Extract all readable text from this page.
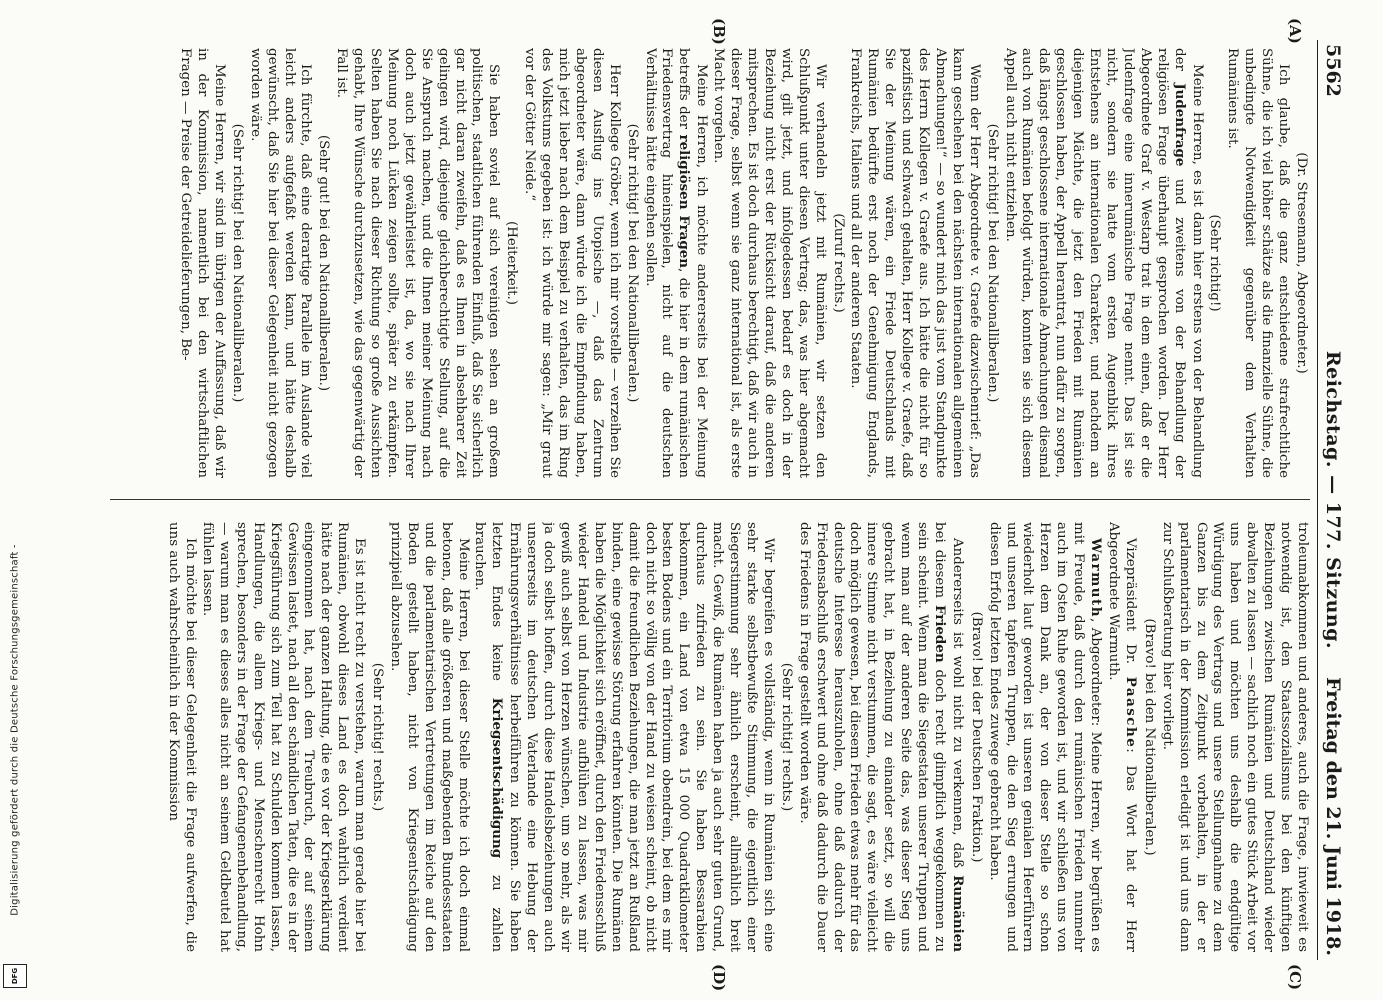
5562
Reichstag. — 177. Sitzung.
Freitag den 21. Juni 1918.
(A)
(B)
(C)
(D)

(Dr. Stresemann, Abgeordneter.)

Ich glaube, daß die ganz entschiedene strafrechtliche Sühne, die ich viel höher schätze als die finanzielle Sühne, die unbedingte Notwendigkeit gegenüber dem Verhalten Rumäniens ist.

(Sehr richtig!)

Meine Herren, es ist dann hier erstens von der Behandlung der Judenfrage und zweitens von der Behandlung der religiösen Frage überhaupt gesprochen worden. Der Herr Abgeordnete Graf v. Westarp trat in dem einen, daß er die Judenfrage eine innerumänische Frage nennt. Das ist sie nicht, sondern sie hatte vom ersten Augenblick ihres Entstehens an internationalen Charakter, und nachdem an diejenigen Mächte, die jetzt den Frieden mit Rumänien geschlossen haben, der Appell herantrat, nun dafür zu sorgen, daß längst geschlossene internationale Abmachungen diesmal auch von Rumänien befolgt würden, konnten sie sich diesem Appell auch nicht entziehen.

(Sehr richtig! bei den Nationalliberalen.)

Wenn der Herr Abgeordnete v. Graefe dazwischenrief: „Das kann geschehen bei den nächsten internationalen allgemeinen Abmachungen!“ — so wundert mich das just vom Standpunkte des Herrn Kollegen v. Graefe aus. Ich hätte die nicht für so pazifistisch und schwach gehalten, Herr Kollege v. Graefe, daß Sie der Meinung wären, ein Friede Deutschlands mit Rumänien bedürfte erst noch der Genehmigung Englands, Frankreichs, Italiens und all der anderen Staaten.

(Zuruf rechts.)

Wir verhandeln jetzt mit Rumänien, wir setzen den Schlußpunkt unter diesen Vertrag; das, was hier abgemacht wird, gilt jetzt, und infolgedessen bedarf es doch in der Beziehung nicht erst der Rücksicht darauf, daß die anderen mitsprechen. Es ist doch durchaus berechtigt, daß wir auch in dieser Frage, selbst wenn sie ganz international ist, als erste Macht vorgehen.

Meine Herren, ich möchte andererseits bei der Meinung betreffs der religiösen Fragen, die hier in dem rumänischen Friedensvertrag hineinspielen, nicht auf die deutschen Verhältnisse hätte eingehen sollen.

(Sehr richtig! bei den Nationalliberalen.)

Herr Kollege Gröber, wenn ich mir vorstelle — verzeihen Sie diesen Ausflug ins Utopische —, daß das Zentrum abgeordneter wäre, dann würde ich die Empfindung haben, mich jetzt lieber nach dem Beispiel zu verhalten, das im Ring des Volkstums gegeben ist: ich würde mir sagen: „Mir graut vor der Götter Neide.“

(Heiterkeit.)

Sie haben soviel auf sich vereinigen sehen an großem politischen, staatlichen führenden Einfluß, daß Sie sicherlich gar nicht daran zweifeln, daß es Ihnen in absehbarer Zeit gelingen wird, diejenige gleichberechtigte Stellung, auf die Sie Anspruch machen, und die Ihnen meiner Meinung nach doch auch jetzt gewährleistet ist, da, wo sie nach Ihrer Meinung noch Lücken zeigen sollte, später zu erkämpfen. Selten haben Sie nach dieser Richtung so große Aussichten gehabt, Ihre Wünsche durchzusetzen, wie das gegenwärtig der Fall ist.

(Sehr gut! bei den Nationalliberalen.)

Ich fürchte, daß eine derartige Parallele im Auslande viel leicht anders aufgefaßt werden kann, und hätte deshalb gewünscht, daß Sie hier bei dieser Gelegenheit nicht gezogen worden wäre.

(Sehr richtig! bei den Nationalliberalen.)

Meine Herren, wir sind im übrigen der Auffassung, daß wir in der Kommission, namentlich bei den wirtschaftlichen Fragen — Preise der Getreidelieferungen, Be-

troleumabkommen und anderes, auch die Frage, inwieweit es notwendig ist, den Staatssozialismus bei den künftigen Beziehungen zwischen Rumänien und Deutschland wieder abwalten zu lassen — sachlich noch ein gutes Stück Arbeit vor uns haben und möchten uns deshalb die endgültige Würdigung des Vertrags und unsere Stellungnahme zu dem Ganzen bis zu dem Zeitpunkt vorbehalten, in der er parlamentarisch in der Kommission erledigt ist und uns dann zur Schlußberatung hier vorliegt.

(Bravo! bei den Nationalliberalen.)

Vizepräsident Dr. Paasche: Das Wort hat der Herr Abgeordnete Warmuth.

Warmuth, Abgeordneter: Meine Herren, wir begrüßen es mit Freude, daß durch den rumänischen Frieden nunmehr auch im Osten Ruhe geworden ist, und wir schließen uns von Herzen dem Dank an, der von dieser Stelle so schon wiederholt laut geworden ist unseren genialen Heerführern und unseren tapferen Truppen, die den Sieg errungen und diesen Erfolg letzten Endes zuwege gebracht haben.

(Bravo! bei der Deutschen Fraktion.)

Andererseits ist wohl nicht zu verkennen, daß Rumänien bei diesem Frieden doch recht glimpflich weggekommen zu sein scheint. Wenn man die Siegestaten unserer Truppen und wenn man auf der anderen Seite das, was dieser Sieg uns gebracht hat, in Beziehung zu einander setzt, so will die innere Stimme nicht verstummen, die sagt, es wäre vielleicht doch möglich gewesen, bei diesem Frieden etwas mehr für das deutsche Interesse herauszuholen, ohne daß dadurch der Friedensabschluß erschwert und ohne daß dadurch die Dauer des Friedens in Frage gestellt worden wäre.

(Sehr richtig! rechts.)

Wir begreifen es vollständig, wenn in Rumänien sich eine sehr starke selbstbewußte Stimmung, die eigentlich einer Siegerstimmung sehr ähnlich erscheint, allmählich breit macht. Gewiß, die Rumänen haben ja auch sehr guten Grund, durchaus zufrieden zu sein. Sie haben Bessarabien bekommen, ein Land von etwa 15 000 Quadratkilometer besten Bodens und ein Territorium obendrein, bei dem es mir doch nicht so völlig von der Hand zu weisen scheint, ob nicht damit die freundlichen Beziehungen, die man jetzt an Rußland binden, eine gewisse Störung erfahren könnten. Die Rumänen haben die Möglichkeit sich eröffnet, durch den Friedensschluß wieder Handel und Industrie aufblühen zu lassen, was mir gewiß auch selbst von Herzen wünschen, um so mehr, als wir ja doch selbst hoffen, durch diese Handelsbeziehungen auch unsererseits im deutschen Vaterlande eine Hebung der Ernährungsverhältnisse herbeiführen zu können. Sie haben letzten Endes keine Kriegsentschädigung zu zahlen brauchen.

Meine Herren, bei dieser Stelle möchte ich doch einmal betonen, daß alle größeren und maßgebenden Bundesstaaten und die parlamentarischen Vertretungen im Reiche auf den Boden gestellt haben, nicht von Kriegsentschädigung prinzipiell abzusehen.

(Sehr richtig! rechts.)

Es ist nicht recht zu verstehen, warum man gerade hier bei Rumänien, obwohl dieses Land es doch wahrlich verdient hätte nach der ganzen Haltung, die es vor der Kriegserklärung eingenommen hat, nach dem Treubruch, der auf seinem Gewissen lastet, nach all den schändlichen Taten, die es in der Kriegsführung sich zum Teil hat zu Schulden kommen lassen, Handlungen, die allem Kriegs- und Menschenrecht Hohn sprechen, besonders in der Frage der Gefangenenbehandlung, — warum man es dieses alles nicht an seinem Geldbeutel hat fühlen lassen.

Ich möchte bei dieser Gelegenheit die Frage aufwerfen, die uns auch wahrscheinlich in der Kommission

Digitalisierung gefördert durch die Deutsche Forschungsgemeinschaft -
DFG
